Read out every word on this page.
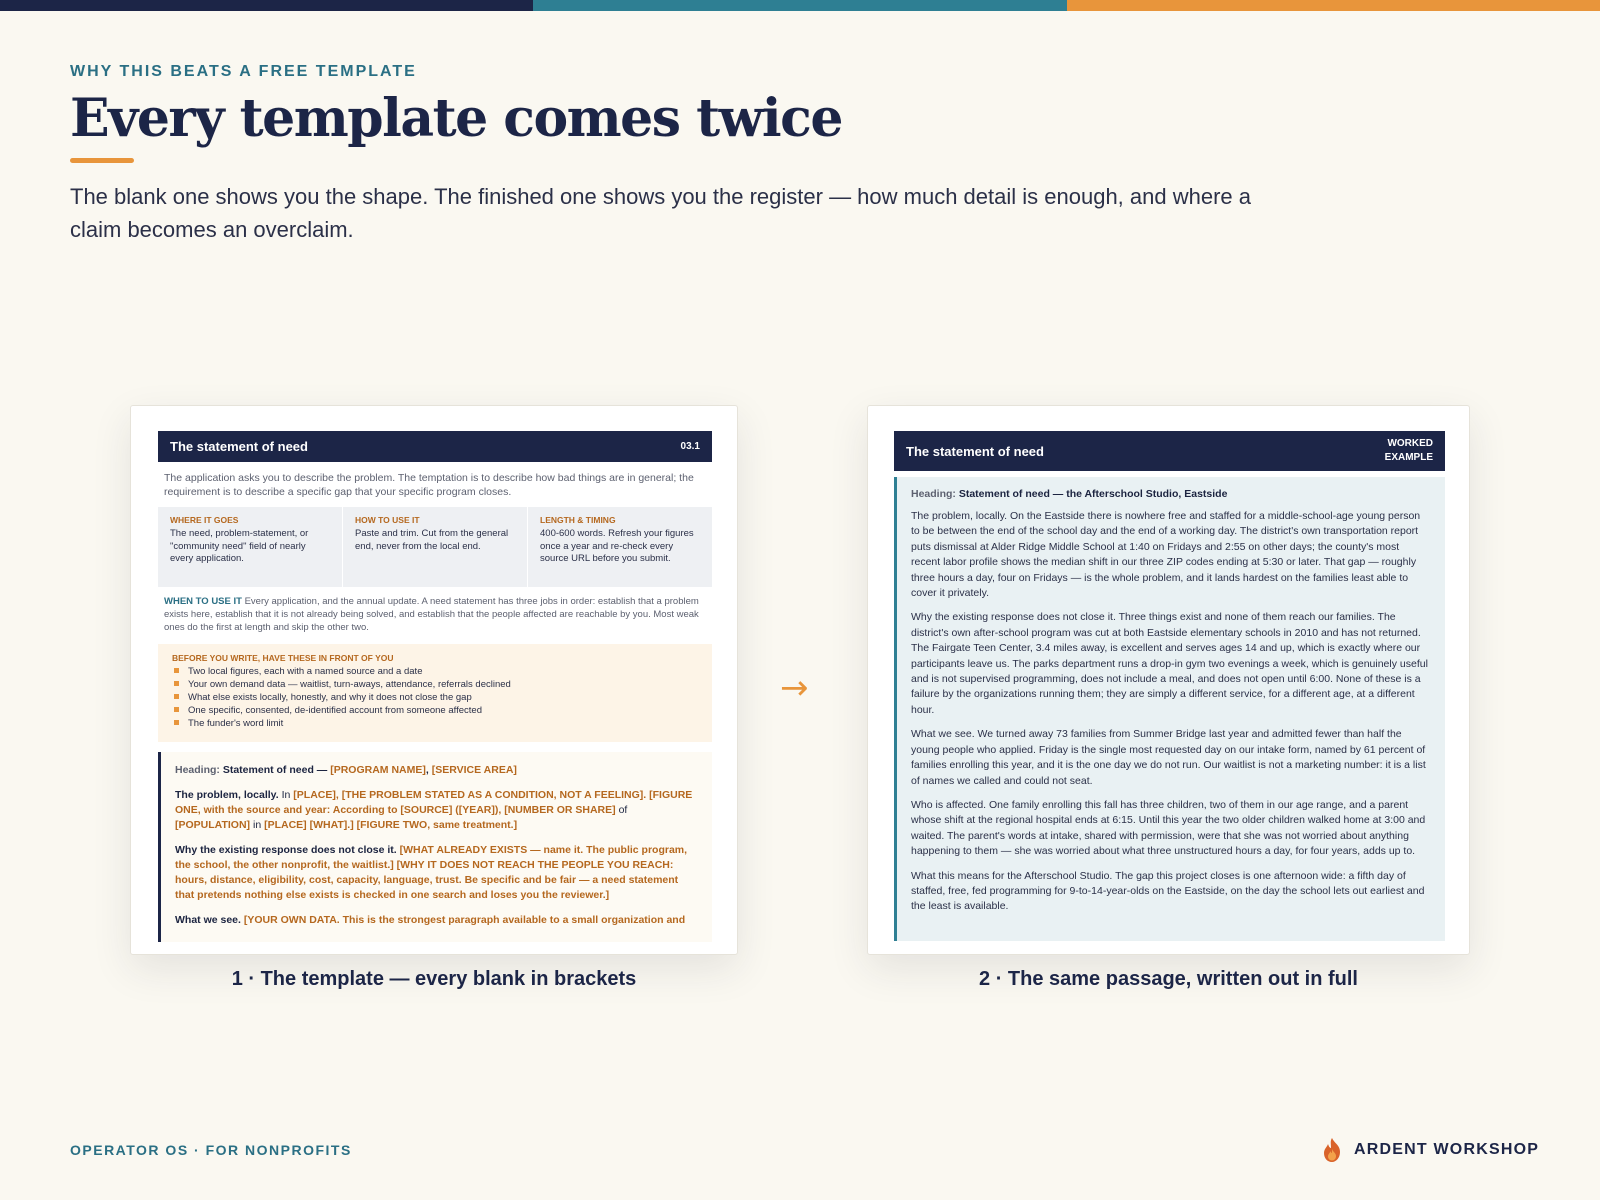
WHY THIS BEATS A FREE TEMPLATE
Every template comes twice
The blank one shows you the shape. The finished one shows you the register — how much detail is enough, and where a claim becomes an overclaim.
The statement of need	03.1
The application asks you to describe the problem. The temptation is to describe how bad things are in general; the requirement is to describe a specific gap that your specific program closes.
WHERE IT GOES
The need, problem-statement, or "community need" field of nearly every application.
HOW TO USE IT
Paste and trim. Cut from the general end, never from the local end.
LENGTH & TIMING
400-600 words. Refresh your figures once a year and re-check every source URL before you submit.
WHEN TO USE IT Every application, and the annual update. A need statement has three jobs in order: establish that a problem exists here, establish that it is not already being solved, and establish that the people affected are reachable by you. Most weak ones do the first at length and skip the other two.
BEFORE YOU WRITE, HAVE THESE IN FRONT OF YOU
Two local figures, each with a named source and a date
Your own demand data — waitlist, turn-aways, attendance, referrals declined
What else exists locally, honestly, and why it does not close the gap
One specific, consented, de-identified account from someone affected
The funder's word limit

Heading: Statement of need — [PROGRAM NAME], [SERVICE AREA]

The problem, locally. In [PLACE], [THE PROBLEM STATED AS A CONDITION, NOT A FEELING]. [FIGURE ONE, with the source and year: According to [SOURCE] ([YEAR]), [NUMBER OR SHARE] of [POPULATION] in [PLACE] [WHAT].] [FIGURE TWO, same treatment.]

Why the existing response does not close it. [WHAT ALREADY EXISTS — name it. The public program, the school, the other nonprofit, the waitlist.] [WHY IT DOES NOT REACH THE PEOPLE YOU REACH: hours, distance, eligibility, cost, capacity, language, trust. Be specific and be fair — a need statement that pretends nothing else exists is checked in one search and loses you the reviewer.]

What we see. [YOUR OWN DATA. This is the strongest paragraph available to a small organization and

→
The statement of need	WORKED
EXAMPLE
Heading: Statement of need — the Afterschool Studio, Eastside

The problem, locally. On the Eastside there is nowhere free and staffed for a middle-school-age young person to be between the end of the school day and the end of a working day. The district's own transportation report puts dismissal at Alder Ridge Middle School at 1:40 on Fridays and 2:55 on other days; the county's most recent labor profile shows the median shift in our three ZIP codes ending at 5:30 or later. That gap — roughly three hours a day, four on Fridays — is the whole problem, and it lands hardest on the families least able to cover it privately.

Why the existing response does not close it. Three things exist and none of them reach our families. The district's own after-school program was cut at both Eastside elementary schools in 2010 and has not returned. The Fairgate Teen Center, 3.4 miles away, is excellent and serves ages 14 and up, which is exactly where our participants leave us. The parks department runs a drop-in gym two evenings a week, which is genuinely useful and is not supervised programming, does not include a meal, and does not open until 6:00. None of these is a failure by the organizations running them; they are simply a different service, for a different age, at a different hour.

What we see. We turned away 73 families from Summer Bridge last year and admitted fewer than half the young people who applied. Friday is the single most requested day on our intake form, named by 61 percent of families enrolling this year, and it is the one day we do not run. Our waitlist is not a marketing number: it is a list of names we called and could not seat.

Who is affected. One family enrolling this fall has three children, two of them in our age range, and a parent whose shift at the regional hospital ends at 6:15. Until this year the two older children walked home at 3:00 and waited. The parent's words at intake, shared with permission, were that she was not worried about anything happening to them — she was worried about what three unstructured hours a day, for four years, adds up to.

What this means for the Afterschool Studio. The gap this project closes is one afternoon wide: a fifth day of staffed, free, fed programming for 9-to-14-year-olds on the Eastside, on the day the school lets out earliest and the least is available.

1 · The template — every blank in brackets	2 · The same passage, written out in full
OPERATOR OS · FOR NONPROFITS	ARDENT WORKSHOP
